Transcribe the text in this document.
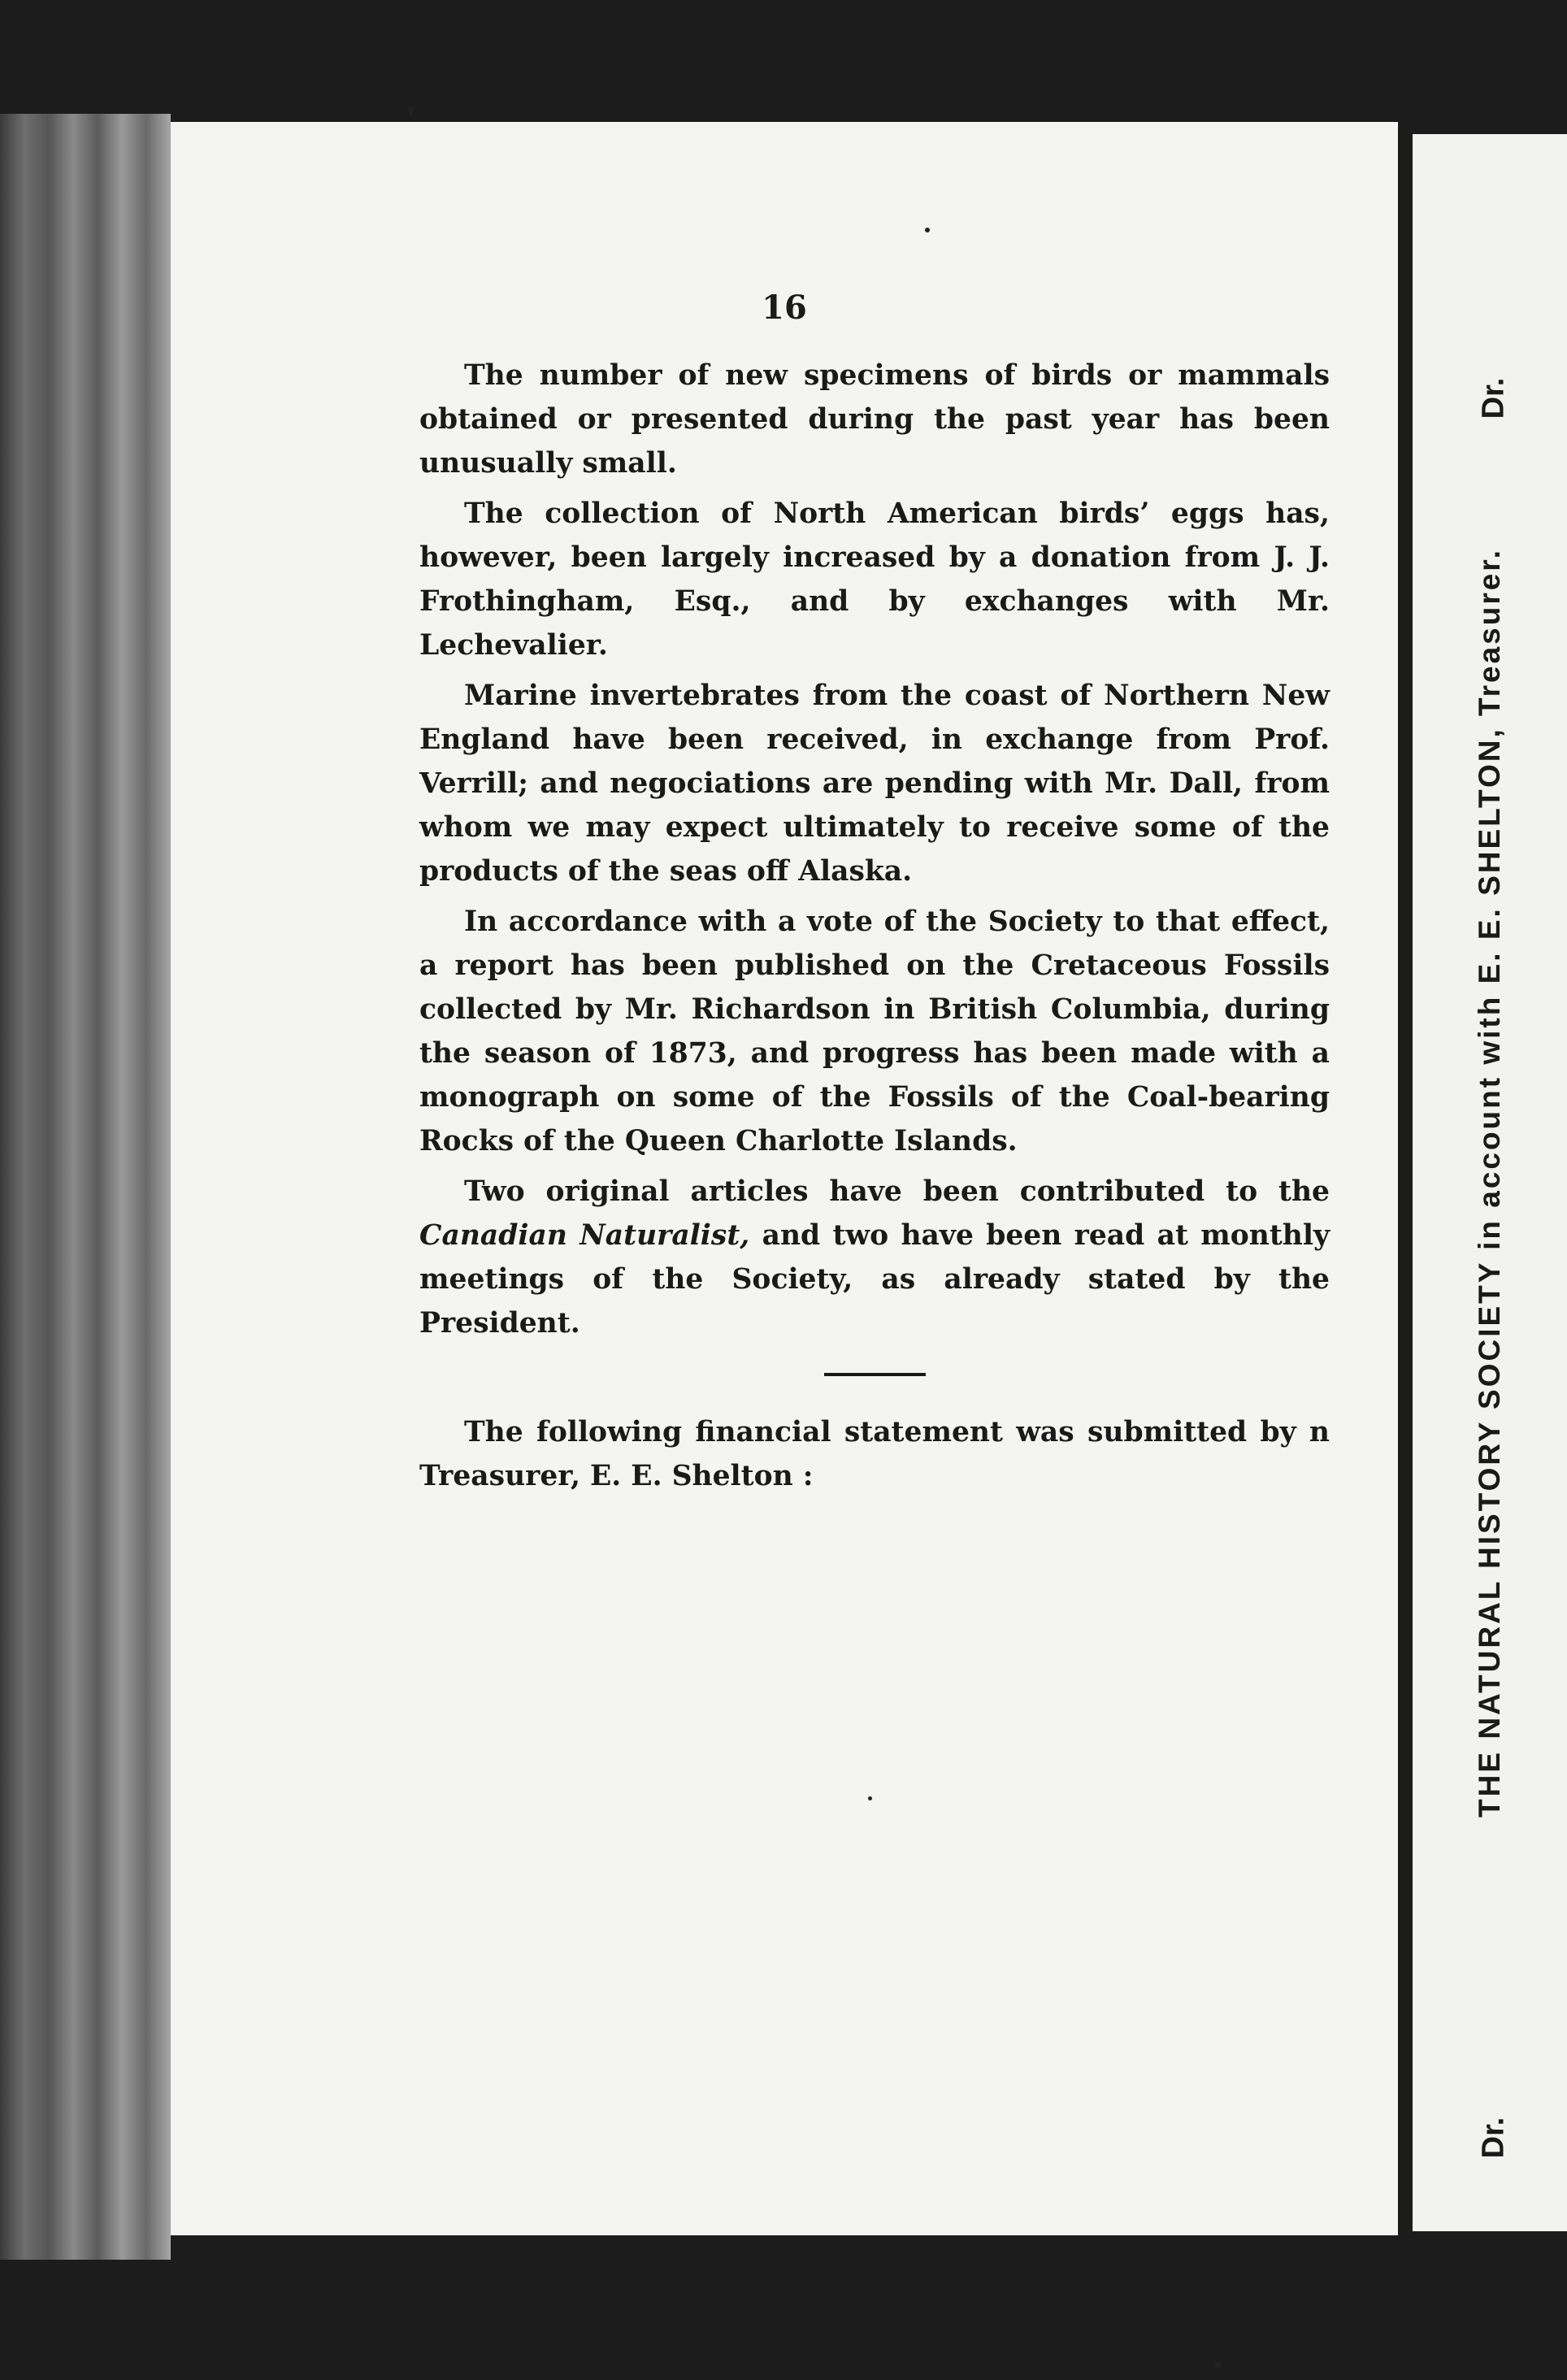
16

The number of new specimens of birds or mammals obtained or presented during the past year has been unusually small.

The collection of North American birds’ eggs has, however, been largely increased by a donation from J. J. Frothingham, Esq., and by exchanges with Mr. Lechevalier.

Marine invertebrates from the coast of Northern New England have been received, in exchange from Prof. Verrill; and negociations are pending with Mr. Dall, from whom we may expect ultimately to receive some of the products of the seas off Alaska.

In accordance with a vote of the Society to that effect, a report has been published on the Cretaceous Fossils collected by Mr. Richardson in British Columbia, during the season of 1873, and progress has been made with a monograph on some of the Fossils of the Coal-bearing Rocks of the Queen Charlotte Islands.

Two original articles have been contributed to the Canadian Naturalist, and two have been read at monthly meetings of the Society, as already stated by the President.

The following financial statement was submitted by n Treasurer, E. E. Shelton :

Dr.
THE NATURAL HISTORY SOCIETY in account with E. E. SHELTON, Treasurer.
Dr.
